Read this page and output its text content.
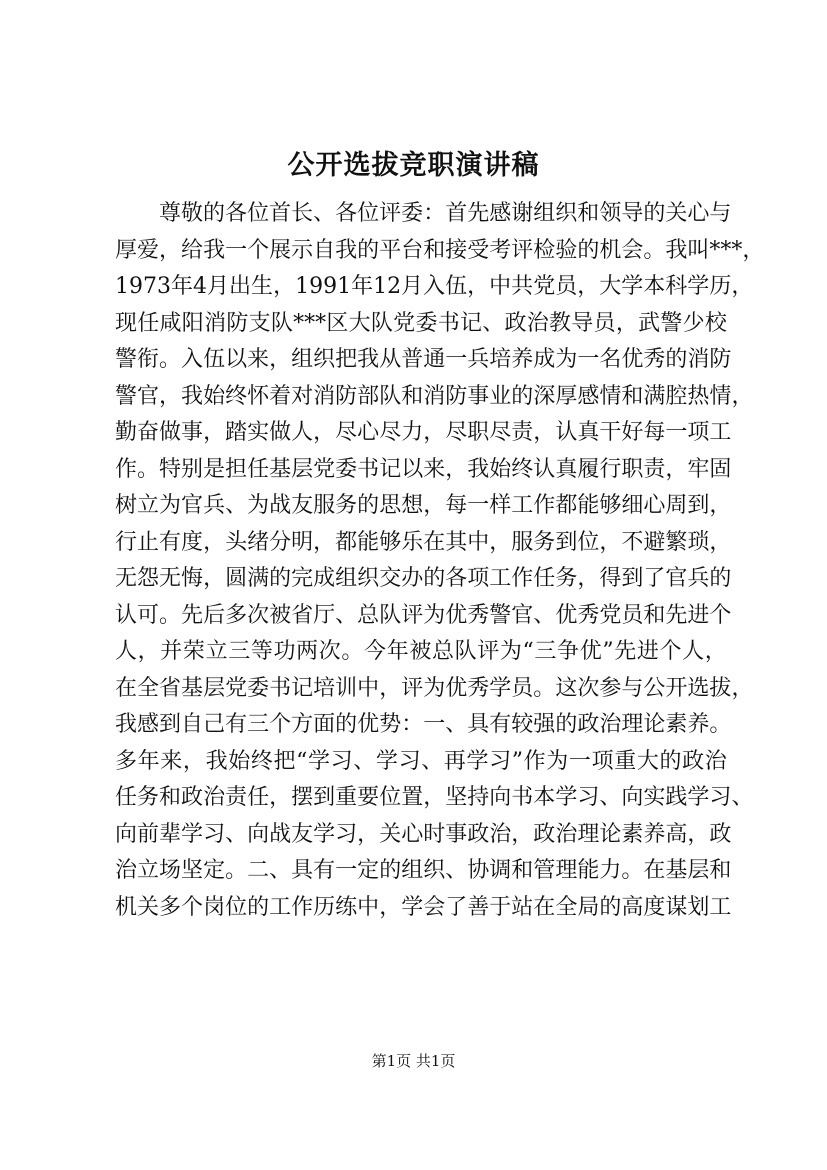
公开选拔竞职演讲稿
尊 敬 的 各 位 首 长 、 各 位 评 委 ： 首 先 感 谢 组 织 和 领 导 的 关 心 与
厚 爱 ， 给 我 一 个 展 示 自 我 的 平 台 和 接 受 考 评 检 验 的 机 会 。 我 叫 *** ，
1973 年 4 月 出 生 ， 1991 年 12 月 入 伍 ， 中 共 党 员 ， 大 学 本 科 学 历 ，
现 任 咸 阳 消 防 支 队 *** 区 大 队 党 委 书 记 、 政 治 教 导 员 ， 武 警 少 校
警 衔 。 入 伍 以 来 ， 组 织 把 我 从 普 通 一 兵 培 养 成 为 一 名 优 秀 的 消 防
警 官 ， 我 始 终 怀 着 对 消 防 部 队 和 消 防 事 业 的 深 厚 感 情 和 满 腔 热 情 ，
勤 奋 做 事 ， 踏 实 做 人 ， 尽 心 尽 力 ， 尽 职 尽 责 ， 认 真 干 好 每 一 项 工
作 。 特 别 是 担 任 基 层 党 委 书 记 以 来 ， 我 始 终 认 真 履 行 职 责 ， 牢 固
树 立 为 官 兵 、 为 战 友 服 务 的 思 想 ， 每 一 样 工 作 都 能 够 细 心 周 到 ，
行 止 有 度 ， 头 绪 分 明 ， 都 能 够 乐 在 其 中 ， 服 务 到 位 ， 不 避 繁 琐 ，
无 怨 无 悔 ， 圆 满 的 完 成 组 织 交 办 的 各 项 工 作 任 务 ， 得 到 了 官 兵 的
认 可 。 先 后 多 次 被 省 厅 、 总 队 评 为 优 秀 警 官 、 优 秀 党 员 和 先 进 个
人 ， 并 荣 立 三 等 功 两 次 。 今 年 被 总 队 评 为 “ 三 争 优 ” 先 进 个 人 ，
在 全 省 基 层 党 委 书 记 培 训 中 ， 评 为 优 秀 学 员 。 这 次 参 与 公 开 选 拔 ，
我 感 到 自 己 有 三 个 方 面 的 优 势 ： 一 、 具 有 较 强 的 政 治 理 论 素 养 。
多 年 来 ， 我 始 终 把 “ 学 习 、 学 习 、 再 学 习 ” 作 为 一 项 重 大 的 政 治
任 务 和 政 治 责 任 ， 摆 到 重 要 位 置 ， 坚 持 向 书 本 学 习 、 向 实 践 学 习 、
向 前 辈 学 习 、 向 战 友 学 习 ， 关 心 时 事 政 治 ， 政 治 理 论 素 养 高 ， 政
治 立 场 坚 定 。 二 、 具 有 一 定 的 组 织 、 协 调 和 管 理 能 力 。 在 基 层 和
机 关 多 个 岗 位 的 工 作 历 练 中 ， 学 会 了 善 于 站 在 全 局 的 高 度 谋 划 工
第1页 共1页
